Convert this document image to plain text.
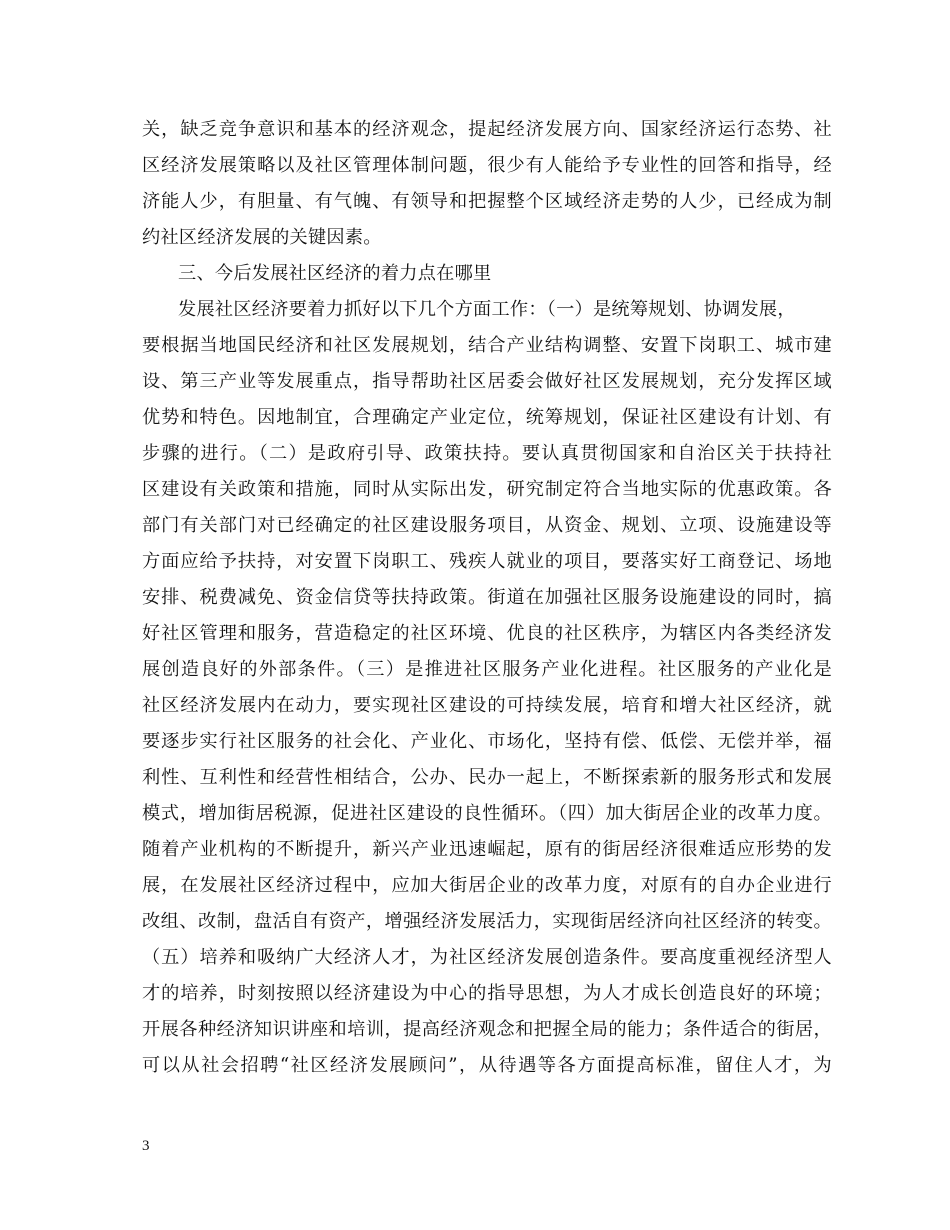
关，缺乏竞争意识和基本的经济观念，提起经济发展方向、国家经济运行态势、社
区经济发展策略以及社区管理体制问题，很少有人能给予专业性的回答和指导，经
济能人少，有胆量、有气魄、有领导和把握整个区域经济走势的人少，已经成为制
约社区经济发展的关键因素。
三、今后发展社区经济的着力点在哪里
发展社区经济要着力抓好以下几个方面工作：（一）是统筹规划、协调发展，
要根据当地国民经济和社区发展规划，结合产业结构调整、安置下岗职工、城市建
设、第三产业等发展重点，指导帮助社区居委会做好社区发展规划，充分发挥区域
优势和特色。因地制宜，合理确定产业定位，统筹规划，保证社区建设有计划、有
步骤的进行。（二）是政府引导、政策扶持。要认真贯彻国家和自治区关于扶持社
区建设有关政策和措施，同时从实际出发，研究制定符合当地实际的优惠政策。各
部门有关部门对已经确定的社区建设服务项目，从资金、规划、立项、设施建设等
方面应给予扶持，对安置下岗职工、残疾人就业的项目，要落实好工商登记、场地
安排、税费减免、资金信贷等扶持政策。街道在加强社区服务设施建设的同时，搞
好社区管理和服务，营造稳定的社区环境、优良的社区秩序，为辖区内各类经济发
展创造良好的外部条件。（三）是推进社区服务产业化进程。社区服务的产业化是
社区经济发展内在动力，要实现社区建设的可持续发展，培育和增大社区经济，就
要逐步实行社区服务的社会化、产业化、市场化，坚持有偿、低偿、无偿并举，福
利性、互利性和经营性相结合，公办、民办一起上，不断探索新的服务形式和发展
模式，增加街居税源，促进社区建设的良性循环。（四）加大街居企业的改革力度。
随着产业机构的不断提升，新兴产业迅速崛起，原有的街居经济很难适应形势的发
展，在发展社区经济过程中，应加大街居企业的改革力度，对原有的自办企业进行
改组、改制，盘活自有资产，增强经济发展活力，实现街居经济向社区经济的转变。
（五）培养和吸纳广大经济人才，为社区经济发展创造条件。要高度重视经济型人
才的培养，时刻按照以经济建设为中心的指导思想，为人才成长创造良好的环境；
开展各种经济知识讲座和培训，提高经济观念和把握全局的能力；条件适合的街居，
可以从社会招聘“社区经济发展顾问”，从待遇等各方面提高标准，留住人才，为
3
